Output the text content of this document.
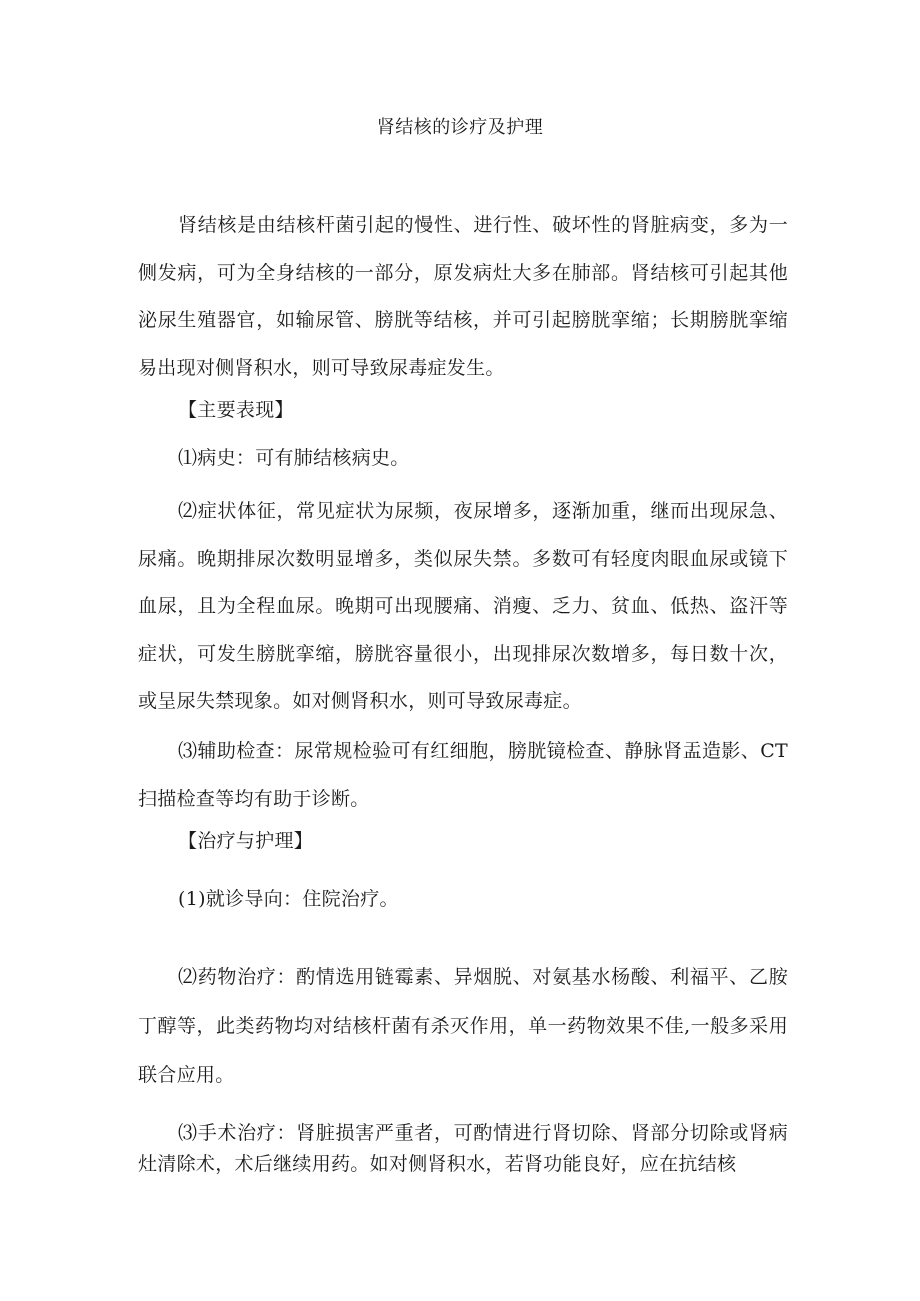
肾结核的诊疗及护理

肾结核是由结核杆菌引起的慢性、进行性、破坏性的肾脏病变，多为一侧发病，可为全身结核的一部分，原发病灶大多在肺部。肾结核可引起其他泌尿生殖器官，如输尿管、膀胱等结核，并可引起膀胱挛缩；长期膀胱挛缩易出现对侧肾积水，则可导致尿毒症发生。

【主要表现】

⑴病史：可有肺结核病史。

⑵症状体征，常见症状为尿频，夜尿增多，逐渐加重，继而出现尿急、尿痛。晚期排尿次数明显增多，类似尿失禁。多数可有轻度肉眼血尿或镜下血尿，且为全程血尿。晚期可出现腰痛、消瘦、乏力、贫血、低热、盗汗等症状，可发生膀胱挛缩，膀胱容量很小，出现排尿次数增多，每日数十次，或呈尿失禁现象。如对侧肾积水，则可导致尿毒症。

⑶辅助检查：尿常规检验可有红细胞，膀胱镜检查、静脉肾盂造影、CT扫描检查等均有助于诊断。

【治疗与护理】

(1)就诊导向：住院治疗。

⑵药物治疗：酌情选用链霉素、异烟脱、对氨基水杨酸、利福平、乙胺丁醇等，此类药物均对结核杆菌有杀灭作用，单一药物效果不佳,一般多采用联合应用。

⑶手术治疗：肾脏损害严重者，可酌情进行肾切除、肾部分切除或肾病灶清除术，术后继续用药。如对侧肾积水，若肾功能良好，应在抗结核
